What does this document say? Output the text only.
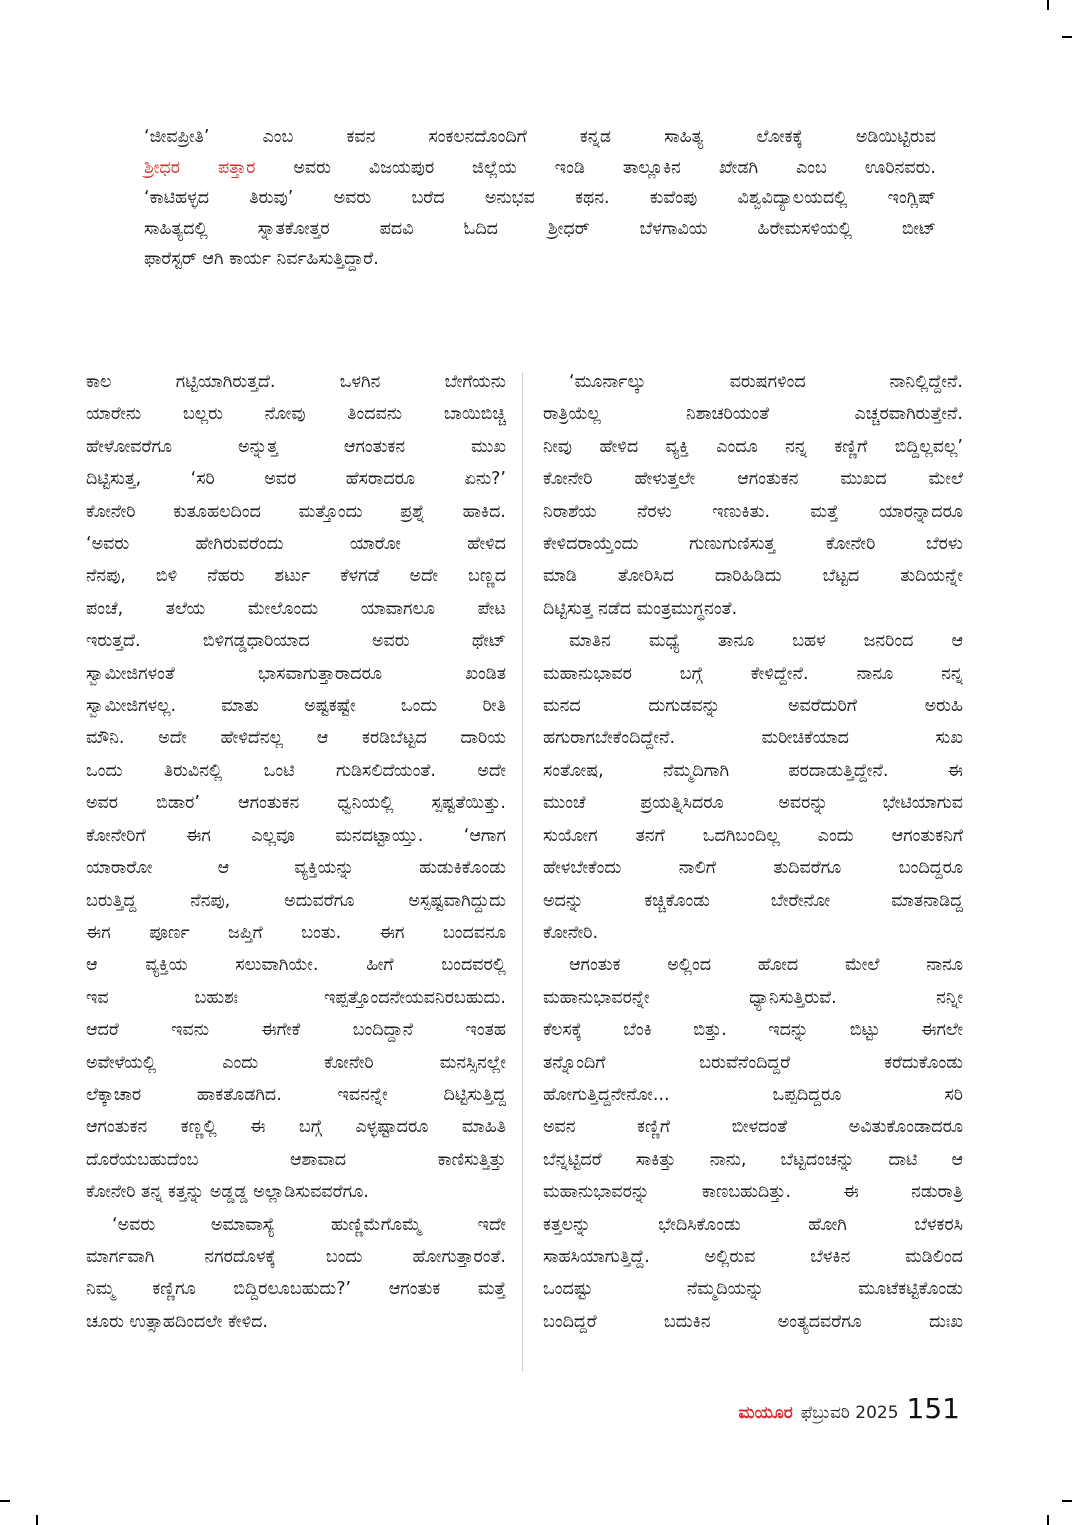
‘ಜೀವಪ್ರೀತಿ’ ಎಂಬ ಕವನ ಸಂಕಲನದೊಂದಿಗೆ ಕನ್ನಡ ಸಾಹಿತ್ಯ ಲೋಕಕ್ಕೆ ಅಡಿಯಿಟ್ಟಿರುವ
ಶ್ರೀಧರ ಪತ್ತಾರ ಅವರು ವಿಜಯಪುರ ಜಿಲ್ಲೆಯ ಇಂಡಿ ತಾಲ್ಲೂಕಿನ ಖೇಡಗಿ ಎಂಬ ಊರಿನವರು.
‘ಕಾಟಿಹಳ್ಳದ ತಿರುವು’ ಅವರು ಬರೆದ ಅನುಭವ ಕಥನ. ಕುವೆಂಪು ವಿಶ್ವವಿದ್ಯಾಲಯದಲ್ಲಿ ಇಂಗ್ಲಿಷ್
ಸಾಹಿತ್ಯದಲ್ಲಿ ಸ್ನಾತಕೋತ್ತರ ಪದವಿ ಓದಿದ ಶ್ರೀಧರ್ ಬೆಳಗಾವಿಯ ಹಿರೇಮಸಳಿಯಲ್ಲಿ ಬೀಟ್
ಫಾರೆಸ್ಟರ್ ಆಗಿ ಕಾರ್ಯ ನಿರ್ವಹಿಸುತ್ತಿದ್ದಾರೆ.
ಕಾಲ ಗಟ್ಟಿಯಾಗಿರುತ್ತದೆ. ಒಳಗಿನ ಬೇಗೆಯನು
ಯಾರೇನು ಬಲ್ಲರು ನೋವು ತಿಂದವನು ಬಾಯಿಬಿಚ್ಚಿ
ಹೇಳೋವರೆಗೂ ಅನ್ನುತ್ತ ಆಗಂತುಕನ ಮುಖ
ದಿಟ್ಟಿಸುತ್ತ, ‘ಸರಿ ಅವರ ಹೆಸರಾದರೂ ಏನು?’
ಕೋನೇರಿ ಕುತೂಹಲದಿಂದ ಮತ್ತೊಂದು ಪ್ರಶ್ನೆ ಹಾಕಿದ.
‘ಅವರು ಹೇಗಿರುವರೆಂದು ಯಾರೋ ಹೇಳಿದ
ನೆನಪು, ಬಿಳಿ ನೆಹರು ಶರ್ಟು ಕೆಳಗಡೆ ಅದೇ ಬಣ್ಣದ
ಪಂಚೆ, ತಲೆಯ ಮೇಲೊಂದು ಯಾವಾಗಲೂ ಪೇಟ
ಇರುತ್ತದೆ. ಬಿಳಿಗಡ್ಡಧಾರಿಯಾದ ಅವರು ಥೇಟ್
ಸ್ವಾಮೀಜಿಗಳಂತೆ ಭಾಸವಾಗುತ್ತಾರಾದರೂ ಖಂಡಿತ
ಸ್ವಾಮೀಜಿಗಳಲ್ಲ. ಮಾತು ಅಷ್ಟಕಷ್ಟೇ ಒಂದು ರೀತಿ
ಮೌನಿ. ಅದೇ ಹೇಳಿದೆನಲ್ಲ ಆ ಕರಡಿಬೆಟ್ಟದ ದಾರಿಯ
ಒಂದು ತಿರುವಿನಲ್ಲಿ ಒಂಟಿ ಗುಡಿಸಲಿದೆಯಂತೆ. ಅದೇ
ಅವರ ಬಿಡಾರ’ ಆಗಂತುಕನ ಧ್ವನಿಯಲ್ಲಿ ಸ್ಪಷ್ಟತೆಯಿತ್ತು.
ಕೋನೇರಿಗೆ ಈಗ ಎಲ್ಲವೂ ಮನದಟ್ಟಾಯ್ತು. ‘ಆಗಾಗ
ಯಾರಾರೋ ಆ ವ್ಯಕ್ತಿಯನ್ನು ಹುಡುಕಿಕೊಂಡು
ಬರುತ್ತಿದ್ದ ನೆನಪು, ಅದುವರೆಗೂ ಅಸ್ಪಷ್ಟವಾಗಿದ್ದುದು
ಈಗ ಪೂರ್ಣ ಜಪ್ತಿಗೆ ಬಂತು. ಈಗ ಬಂದವನೂ
ಆ ವ್ಯಕ್ತಿಯ ಸಲುವಾಗಿಯೇ. ಹೀಗೆ ಬಂದವರಲ್ಲಿ
ಇವ ಬಹುಶಃ ಇಪ್ಪತ್ತೊಂದನೇಯವನಿರಬಹುದು.
ಆದರೆ ಇವನು ಈಗೇಕೆ ಬಂದಿದ್ದಾನೆ ಇಂತಹ
ಅವೇಳೆಯಲ್ಲಿ ಎಂದು ಕೋನೇರಿ ಮನಸ್ಸಿನಲ್ಲೇ
ಲೆಕ್ಕಾಚಾರ ಹಾಕತೊಡಗಿದ. ಇವನನ್ನೇ ದಿಟ್ಟಿಸುತ್ತಿದ್ದ
ಆಗಂತುಕನ ಕಣ್ಣಲ್ಲಿ ಈ ಬಗ್ಗೆ ಎಳ್ಳಷ್ಟಾದರೂ ಮಾಹಿತಿ
ದೊರೆಯಬಹುದೆಂಬ ಆಶಾವಾದ ಕಾಣಿಸುತ್ತಿತ್ತು
ಕೋನೇರಿ ತನ್ನ ಕತ್ತನ್ನು ಅಡ್ಡಡ್ಡ ಅಲ್ಲಾಡಿಸುವವರೆಗೂ.
‘ಅವರು ಅಮಾವಾಸ್ಯೆ ಹುಣ್ಣಿಮೆಗೊಮ್ಮೆ ಇದೇ
ಮಾರ್ಗವಾಗಿ ನಗರದೊಳಕ್ಕೆ ಬಂದು ಹೋಗುತ್ತಾರಂತೆ.
ನಿಮ್ಮ ಕಣ್ಣಿಗೂ ಬಿದ್ದಿರಲೂಬಹುದು?’ ಆಗಂತುಕ ಮತ್ತೆ
ಚೂರು ಉತ್ಸಾಹದಿಂದಲೇ ಕೇಳಿದ.
‘ಮೂರ್ನಾಲ್ಕು ವರುಷಗಳಿಂದ ನಾನಿಲ್ಲಿದ್ದೇನೆ.
ರಾತ್ರಿಯೆಲ್ಲ ನಿಶಾಚರಿಯಂತೆ ಎಚ್ಚರವಾಗಿರುತ್ತೇನೆ.
ನೀವು ಹೇಳಿದ ವ್ಯಕ್ತಿ ಎಂದೂ ನನ್ನ ಕಣ್ಣಿಗೆ ಬಿದ್ದಿಲ್ಲವಲ್ಲ’
ಕೋನೇರಿ ಹೇಳುತ್ತಲೇ ಆಗಂತುಕನ ಮುಖದ ಮೇಲೆ
ನಿರಾಶೆಯ ನೆರಳು ಇಣುಕಿತು. ಮತ್ತೆ ಯಾರನ್ನಾದರೂ
ಕೇಳಿದರಾಯ್ತೆಂದು ಗುಣುಗುಣಿಸುತ್ತ ಕೋನೇರಿ ಬೆರಳು
ಮಾಡಿ ತೋರಿಸಿದ ದಾರಿಹಿಡಿದು ಬೆಟ್ಟದ ತುದಿಯನ್ನೇ
ದಿಟ್ಟಿಸುತ್ತ ನಡೆದ ಮಂತ್ರಮುಗ್ಧನಂತೆ.
ಮಾತಿನ ಮಧ್ಯೆ ತಾನೂ ಬಹಳ ಜನರಿಂದ ಆ
ಮಹಾನುಭಾವರ ಬಗ್ಗೆ ಕೇಳಿದ್ದೇನೆ. ನಾನೂ ನನ್ನ
ಮನದ ದುಗುಡವನ್ನು ಅವರೆದುರಿಗೆ ಅರುಹಿ
ಹಗುರಾಗಬೇಕೆಂದಿದ್ದೇನೆ. ಮರೀಚಿಕೆಯಾದ ಸುಖ
ಸಂತೋಷ, ನೆಮ್ಮದಿಗಾಗಿ ಪರದಾಡುತ್ತಿದ್ದೇನೆ. ಈ
ಮುಂಚೆ ಪ್ರಯತ್ನಿಸಿದರೂ ಅವರನ್ನು ಭೇಟಿಯಾಗುವ
ಸುಯೋಗ ತನಗೆ ಒದಗಿಬಂದಿಲ್ಲ ಎಂದು ಆಗಂತುಕನಿಗೆ
ಹೇಳಬೇಕೆಂದು ನಾಲಿಗೆ ತುದಿವರೆಗೂ ಬಂದಿದ್ದರೂ
ಅದನ್ನು ಕಚ್ಚಿಕೊಂಡು ಬೇರೇನೋ ಮಾತನಾಡಿದ್ದ
ಕೋನೇರಿ.
ಆಗಂತುಕ ಅಲ್ಲಿಂದ ಹೋದ ಮೇಲೆ ನಾನೂ
ಮಹಾನುಭಾವರನ್ನೇ ಧ್ಯಾನಿಸುತ್ತಿರುವೆ. ನನ್ನೀ
ಕೆಲಸಕ್ಕೆ ಬೆಂಕಿ ಬಿತ್ತು. ಇದನ್ನು ಬಿಟ್ಟು ಈಗಲೇ
ತನ್ನೊಂದಿಗೆ ಬರುವೆನೆಂದಿದ್ದರೆ ಕರೆದುಕೊಂಡು
ಹೋಗುತ್ತಿದ್ದನೇನೋ... ಒಪ್ಪದಿದ್ದರೂ ಸರಿ
ಅವನ ಕಣ್ಣಿಗೆ ಬೀಳದಂತೆ ಅವಿತುಕೊಂಡಾದರೂ
ಬೆನ್ನಟ್ಟಿದರೆ ಸಾಕಿತ್ತು ನಾನು, ಬೆಟ್ಟದಂಚನ್ನು ದಾಟಿ ಆ
ಮಹಾನುಭಾವರನ್ನು ಕಾಣಬಹುದಿತ್ತು. ಈ ನಡುರಾತ್ರಿ
ಕತ್ತಲನ್ನು ಭೇದಿಸಿಕೊಂಡು ಹೋಗಿ ಬೆಳಕರಸಿ
ಸಾಹಸಿಯಾಗುತ್ತಿದ್ದೆ. ಅಲ್ಲಿರುವ ಬೆಳಕಿನ ಮಡಿಲಿಂದ
ಒಂದಷ್ಟು ನೆಮ್ಮದಿಯನ್ನು ಮೂಟೆಕಟ್ಟಿಕೊಂಡು
ಬಂದಿದ್ದರೆ ಬದುಕಿನ ಅಂತ್ಯದವರೆಗೂ ದುಃಖ
ಮಯೂರ ಫೆಬ್ರುವರಿ 2025 151
